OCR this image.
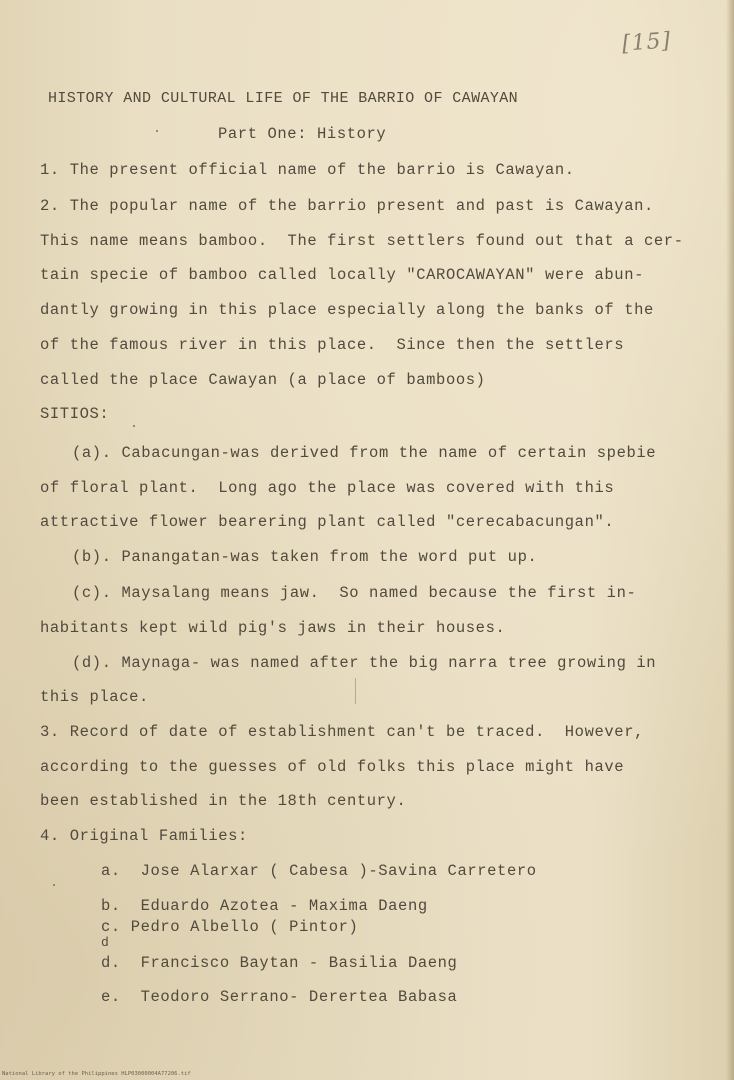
[15]
HISTORY AND CULTURAL LIFE OF THE BARRIO OF CAWAYAN
Part One: History
1. The present official name of the barrio is Cawayan.
2. The popular name of the barrio present and past is Cawayan.
This name means bamboo.  The first settlers found out that a cer-
tain specie of bamboo called locally "CAROCAWAYAN" were abun-
dantly growing in this place especially along the banks of the
of the famous river in this place.  Since then the settlers
called the place Cawayan (a place of bamboos)
SITIOS:
(a). Cabacungan-was derived from the name of certain spebie
of floral plant.  Long ago the place was covered with this
attractive flower bearering plant called "cerecabacungan".
(b). Panangatan-was taken from the word put up.
(c). Maysalang means jaw.  So named because the first in-
habitants kept wild pig's jaws in their houses.
(d). Maynaga- was named after the big narra tree growing in
this place.
3. Record of date of establishment can't be traced.  However,
according to the guesses of old folks this place might have
been established in the 18th century.
4. Original Families:
a.  Jose Alarxar ( Cabesa )-Savina Carretero
b.  Eduardo Azotea - Maxima Daeng
c. Pedro Albello ( Pintor)
d
d.  Francisco Baytan - Basilia Daeng
e.  Teodoro Serrano- Derertea Babasa
National Library of the Philippines HLP03000004A77206.tif
